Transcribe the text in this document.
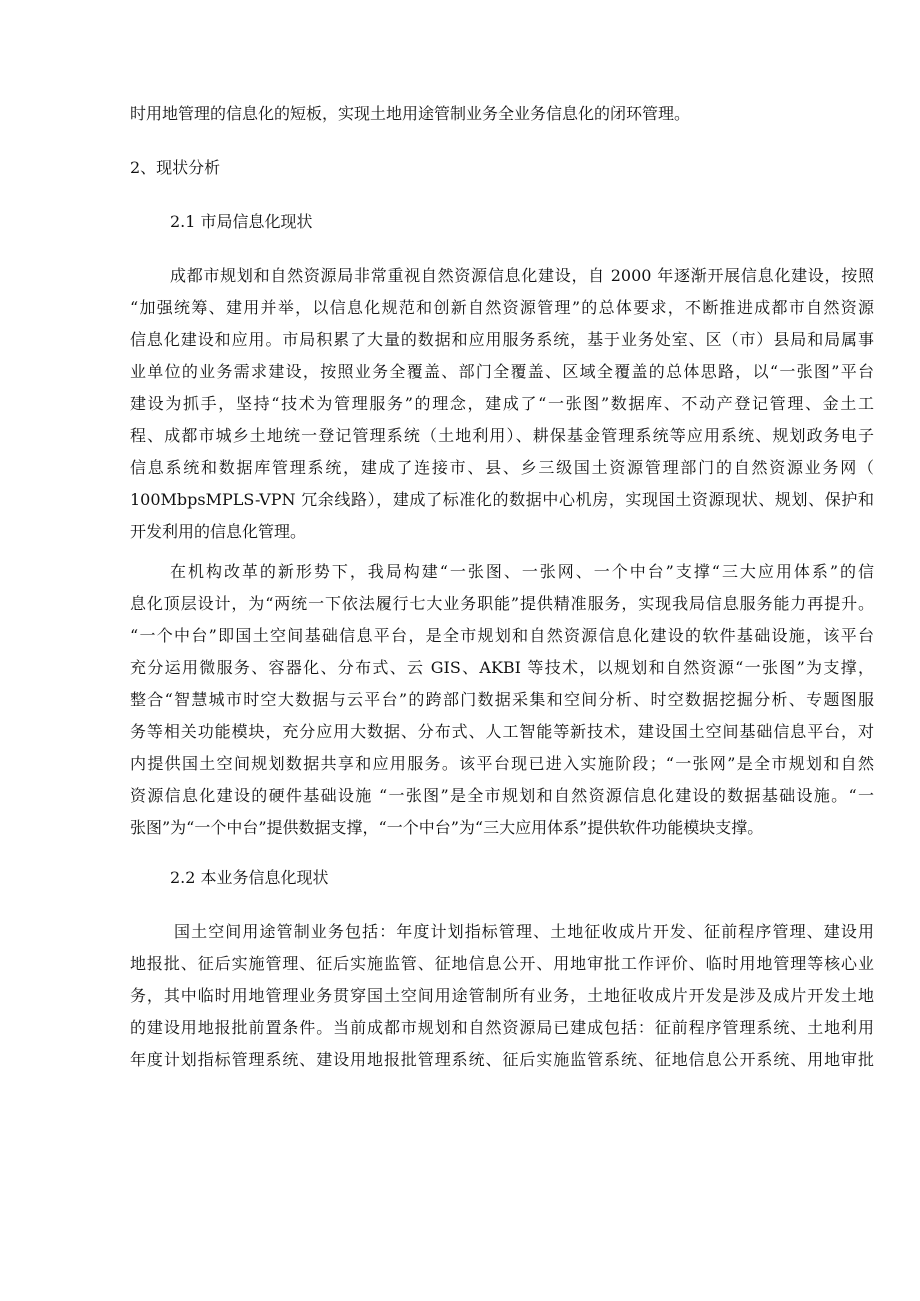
时用地管理的信息化的短板，实现土地用途管制业务全业务信息化的闭环管理。

2、现状分析

2.1 市局信息化现状

成都市规划和自然资源局非常重视自然资源信息化建设，自 2000 年逐渐开展信息化建设，按照

“加强统筹、建用并举，以信息化规范和创新自然资源管理”的总体要求，不断推进成都市自然资源

信息化建设和应用。市局积累了大量的数据和应用服务系统，基于业务处室、区（市）县局和局属事

业单位的业务需求建设，按照业务全覆盖、部门全覆盖、区域全覆盖的总体思路，以“一张图”平台

建设为抓手，坚持“技术为管理服务”的理念，建成了“一张图”数据库、不动产登记管理、金土工

程、成都市城乡土地统一登记管理系统（土地利用）、耕保基金管理系统等应用系统、规划政务电子

信息系统和数据库管理系统，建成了连接市、县、乡三级国土资源管理部门的自然资源业务网（

100MbpsMPLS-VPN 冗余线路），建成了标准化的数据中心机房，实现国土资源现状、规划、保护和

开发利用的信息化管理。

在机构改革的新形势下，我局构建“一张图、一张网、一个中台”支撑“三大应用体系”的信

息化顶层设计，为“两统一下依法履行七大业务职能”提供精准服务，实现我局信息服务能力再提升。

“一个中台”即国土空间基础信息平台，是全市规划和自然资源信息化建设的软件基础设施，该平台

充分运用微服务、容器化、分布式、云 GIS、AKBI 等技术，以规划和自然资源“一张图”为支撑，

整合“智慧城市时空大数据与云平台”的跨部门数据采集和空间分析、时空数据挖掘分析、专题图服

务等相关功能模块，充分应用大数据、分布式、人工智能等新技术，建设国土空间基础信息平台，对

内提供国土空间规划数据共享和应用服务。该平台现已进入实施阶段；“一张网”是全市规划和自然

资源信息化建设的硬件基础设施 “一张图”是全市规划和自然资源信息化建设的数据基础设施。“一

张图”为“一个中台”提供数据支撑，“一个中台”为“三大应用体系”提供软件功能模块支撑。

2.2 本业务信息化现状

国土空间用途管制业务包括：年度计划指标管理、土地征收成片开发、征前程序管理、建设用

地报批、征后实施管理、征后实施监管、征地信息公开、用地审批工作评价、临时用地管理等核心业

务，其中临时用地管理业务贯穿国土空间用途管制所有业务，土地征收成片开发是涉及成片开发土地

的建设用地报批前置条件。当前成都市规划和自然资源局已建成包括：征前程序管理系统、土地利用

年度计划指标管理系统、建设用地报批管理系统、征后实施监管系统、征地信息公开系统、用地审批
